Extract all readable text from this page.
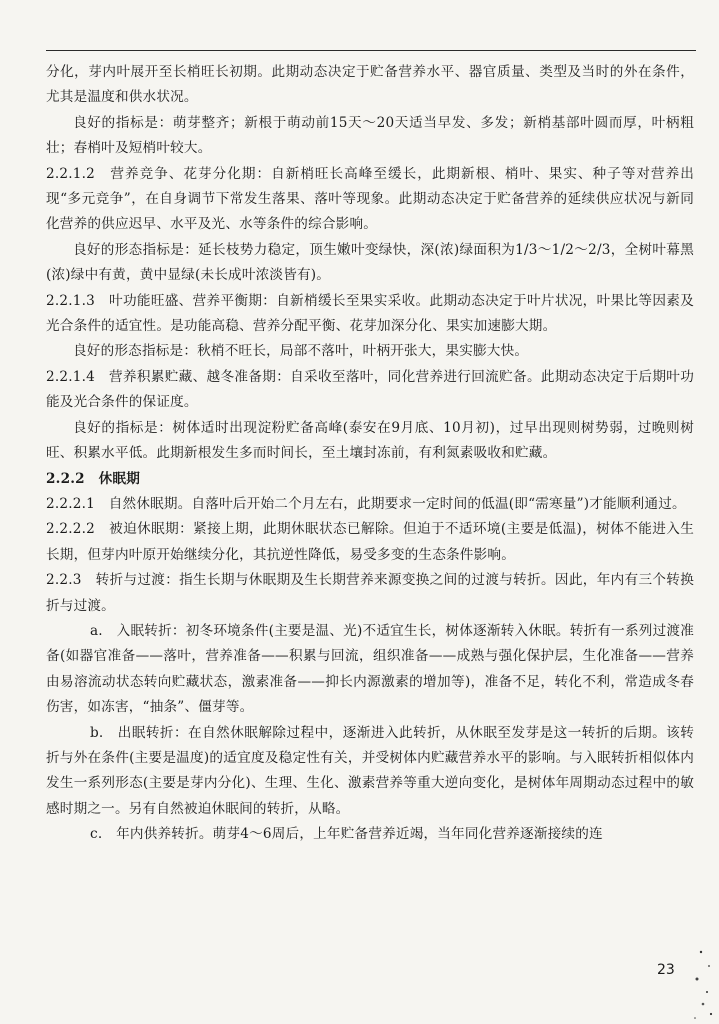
分化，芽内叶展开至长梢旺长初期。此期动态决定于贮备营养水平、器官质量、类型及当时的外在条件，尤其是温度和供水状况。

良好的指标是：萌芽整齐；新根于萌动前15天～20天适当早发、多发；新梢基部叶圆而厚，叶柄粗壮；春梢叶及短梢叶较大。

2.2.1.2　营养竞争、花芽分化期：自新梢旺长高峰至缓长，此期新根、梢叶、果实、种子等对营养出现“多元竞争”，在自身调节下常发生落果、落叶等现象。此期动态决定于贮备营养的延续供应状况与新同化营养的供应迟早、水平及光、水等条件的综合影响。

良好的形态指标是：延长枝势力稳定，顶生嫩叶变绿快，深(浓)绿面积为1/3～1/2～2/3，全树叶幕黑(浓)绿中有黄，黄中显绿(未长成叶浓淡皆有)。

2.2.1.3　叶功能旺盛、营养平衡期：自新梢缓长至果实采收。此期动态决定于叶片状况，叶果比等因素及光合条件的适宜性。是功能高稳、营养分配平衡、花芽加深分化、果实加速膨大期。

良好的形态指标是：秋梢不旺长，局部不落叶，叶柄开张大，果实膨大快。

2.2.1.4　营养积累贮藏、越冬准备期：自采收至落叶，同化营养进行回流贮备。此期动态决定于后期叶功能及光合条件的保证度。

良好的指标是：树体适时出现淀粉贮备高峰(泰安在9月底、10月初)，过早出现则树势弱，过晚则树旺、积累水平低。此期新根发生多而时间长，至土壤封冻前，有利氮素吸收和贮藏。

2.2.2　休眠期

2.2.2.1　自然休眠期。自落叶后开始二个月左右，此期要求一定时间的低温(即“需寒量”)才能顺利通过。

2.2.2.2　被迫休眠期：紧接上期，此期休眠状态已解除。但迫于不适环境(主要是低温)，树体不能进入生长期，但芽内叶原开始继续分化，其抗逆性降低，易受多变的生态条件影响。

2.2.3　转折与过渡：指生长期与休眠期及生长期营养来源变换之间的过渡与转折。因此，年内有三个转换折与过渡。

a.　入眠转折：初冬环境条件(主要是温、光)不适宜生长，树体逐渐转入休眠。转折有一系列过渡准备(如器官准备——落叶，营养准备——积累与回流，组织准备——成熟与强化保护层，生化准备——营养由易溶流动状态转向贮藏状态，激素准备——抑长内源激素的增加等)，准备不足，转化不利，常造成冬春伤害，如冻害，“抽条”、僵芽等。

b.　出眠转折：在自然休眠解除过程中，逐渐进入此转折，从休眠至发芽是这一转折的后期。该转折与外在条件(主要是温度)的适宜度及稳定性有关，并受树体内贮藏营养水平的影响。与入眠转折相似体内发生一系列形态(主要是芽内分化)、生理、生化、激素营养等重大逆向变化，是树体年周期动态过程中的敏感时期之一。另有自然被迫休眠间的转折，从略。

c.　年内供养转折。萌芽4～6周后，上年贮备营养近竭，当年同化营养逐渐接续的连

23
